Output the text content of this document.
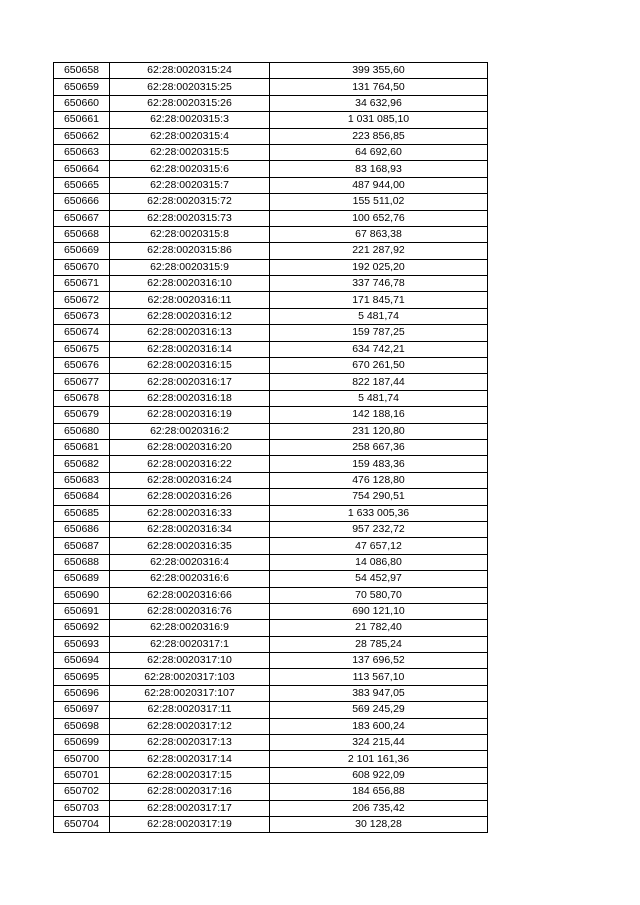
650658	62:28:0020315:24	399 355,60
650659	62:28:0020315:25	131 764,50
650660	62:28:0020315:26	34 632,96
650661	62:28:0020315:3	1 031 085,10
650662	62:28:0020315:4	223 856,85
650663	62:28:0020315:5	64 692,60
650664	62:28:0020315:6	83 168,93
650665	62:28:0020315:7	487 944,00
650666	62:28:0020315:72	155 511,02
650667	62:28:0020315:73	100 652,76
650668	62:28:0020315:8	67 863,38
650669	62:28:0020315:86	221 287,92
650670	62:28:0020315:9	192 025,20
650671	62:28:0020316:10	337 746,78
650672	62:28:0020316:11	171 845,71
650673	62:28:0020316:12	5 481,74
650674	62:28:0020316:13	159 787,25
650675	62:28:0020316:14	634 742,21
650676	62:28:0020316:15	670 261,50
650677	62:28:0020316:17	822 187,44
650678	62:28:0020316:18	5 481,74
650679	62:28:0020316:19	142 188,16
650680	62:28:0020316:2	231 120,80
650681	62:28:0020316:20	258 667,36
650682	62:28:0020316:22	159 483,36
650683	62:28:0020316:24	476 128,80
650684	62:28:0020316:26	754 290,51
650685	62:28:0020316:33	1 633 005,36
650686	62:28:0020316:34	957 232,72
650687	62:28:0020316:35	47 657,12
650688	62:28:0020316:4	14 086,80
650689	62:28:0020316:6	54 452,97
650690	62:28:0020316:66	70 580,70
650691	62:28:0020316:76	690 121,10
650692	62:28:0020316:9	21 782,40
650693	62:28:0020317:1	28 785,24
650694	62:28:0020317:10	137 696,52
650695	62:28:0020317:103	113 567,10
650696	62:28:0020317:107	383 947,05
650697	62:28:0020317:11	569 245,29
650698	62:28:0020317:12	183 600,24
650699	62:28:0020317:13	324 215,44
650700	62:28:0020317:14	2 101 161,36
650701	62:28:0020317:15	608 922,09
650702	62:28:0020317:16	184 656,88
650703	62:28:0020317:17	206 735,42
650704	62:28:0020317:19	30 128,28
